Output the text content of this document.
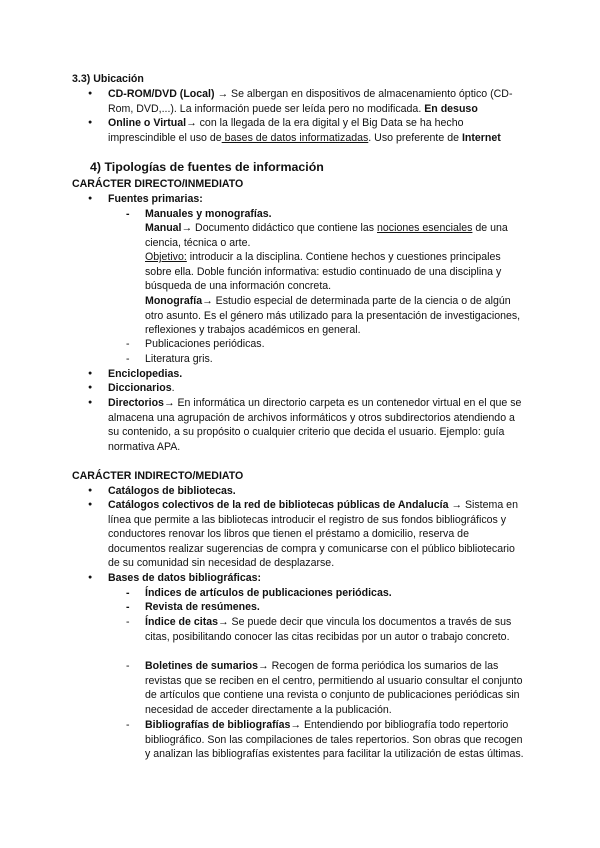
3.3) Ubicación
● CD-ROM/DVD (Local) → Se albergan en dispositivos de almacenamiento óptico (CD-Rom, DVD,...). La información puede ser leída pero no modificada. En desuso
● Online o Virtual→ con la llegada de la era digital y el Big Data se ha hecho imprescindible el uso de bases de datos informatizadas. Uso preferente de Internet
4) Tipologías de fuentes de información
CARÁCTER DIRECTO/INMEDIATO
● Fuentes primarias:
- Manuales y monografías.
Manual→ Documento didáctico que contiene las nociones esenciales de una ciencia, técnica o arte.
Objetivo: introducir a la disciplina. Contiene hechos y cuestiones principales sobre ella. Doble función informativa: estudio continuado de una disciplina y búsqueda de una información concreta.
Monografía→ Estudio especial de determinada parte de la ciencia o de algún otro asunto. Es el género más utilizado para la presentación de investigaciones, reflexiones y trabajos académicos en general.
- Publicaciones periódicas.
- Literatura gris.
● Enciclopedias.
● Diccionarios.
● Directorios→ En informática un directorio carpeta es un contenedor virtual en el que se almacena una agrupación de archivos informáticos y otros subdirectorios atendiendo a su contenido, a su propósito o cualquier criterio que decida el usuario. Ejemplo: guía normativa APA.
CARÁCTER INDIRECTO/MEDIATO
● Catálogos de bibliotecas.
● Catálogos colectivos de la red de bibliotecas públicas de Andalucía → Sistema en línea que permite a las bibliotecas introducir el registro de sus fondos bibliográficos y conductores renovar los libros que tienen el préstamo a domicilio, reserva de documentos realizar sugerencias de compra y comunicarse con el público bibliotecario de su comunidad sin necesidad de desplazarse.
● Bases de datos bibliográficas:
- Índices de artículos de publicaciones periódicas.
- Revista de resúmenes.
- Índice de citas→ Se puede decir que vincula los documentos a través de sus citas, posibilitando conocer las citas recibidas por un autor o trabajo concreto.
- Boletines de sumarios→ Recogen de forma periódica los sumarios de las revistas que se reciben en el centro, permitiendo al usuario consultar el conjunto de artículos que contiene una revista o conjunto de publicaciones periódicas sin necesidad de acceder directamente a la publicación.
- Bibliografías de bibliografías→ Entendiendo por bibliografía todo repertorio bibliográfico. Son las compilaciones de tales repertorios. Son obras que recogen y analizan las bibliografías existentes para facilitar la utilización de estas últimas.
